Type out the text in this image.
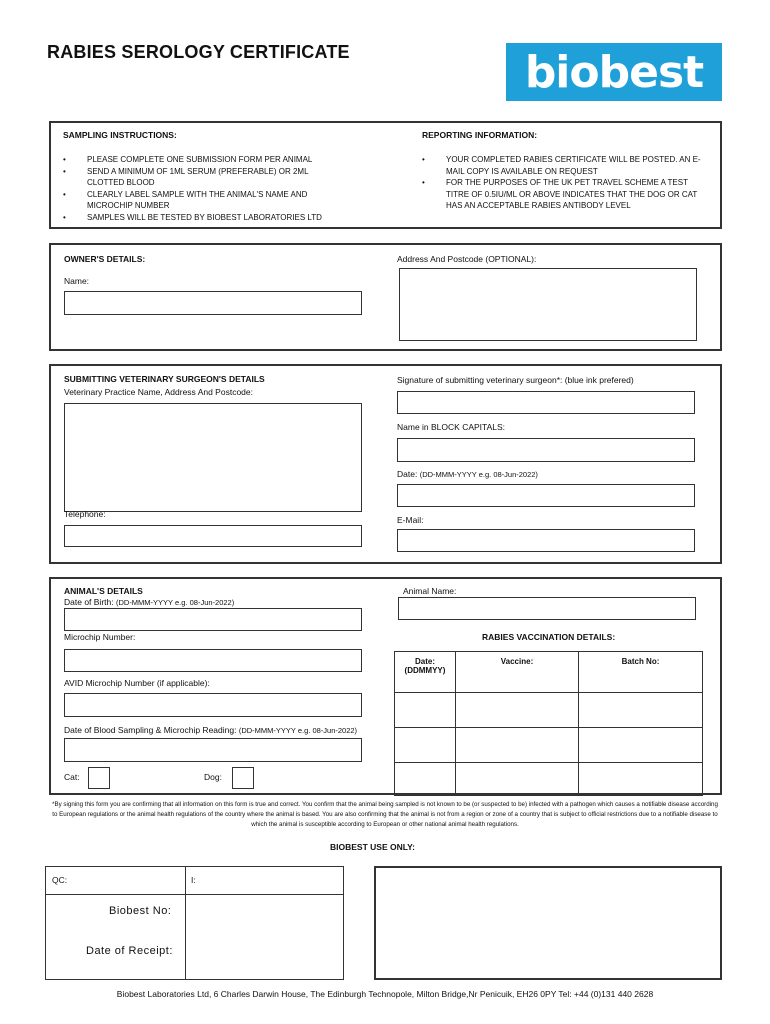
RABIES SEROLOGY CERTIFICATE	biobest
SAMPLING INSTRUCTIONS:
• PLEASE COMPLETE ONE SUBMISSION FORM PER ANIMAL
• SEND A MINIMUM OF 1ML SERUM (PREFERABLE) OR 2ML CLOTTED BLOOD
• CLEARLY LABEL SAMPLE WITH THE ANIMAL'S NAME AND MICROCHIP NUMBER
• SAMPLES WILL BE TESTED BY BIOBEST LABORATORIES LTD
REPORTING INFORMATION:
• YOUR COMPLETED RABIES CERTIFICATE WILL BE POSTED. AN E-MAIL COPY IS AVAILABLE ON REQUEST
• FOR THE PURPOSES OF THE UK PET TRAVEL SCHEME A TEST TITRE OF 0.5IU/ML OR ABOVE INDICATES THAT THE DOG OR CAT HAS AN ACCEPTABLE RABIES ANTIBODY LEVEL
OWNER'S DETAILS:
Name:
Address And Postcode (OPTIONAL):
SUBMITTING VETERINARY SURGEON'S DETAILS
Veterinary Practice Name, Address And Postcode:
Telephone:
Signature of submitting veterinary surgeon*: (blue ink prefered)
Name in BLOCK CAPITALS:
Date: (DD-MMM-YYYY e.g. 08-Jun-2022)
E-Mail:
ANIMAL'S DETAILS
Date of Birth: (DD-MMM-YYYY e.g. 08-Jun-2022)
Microchip Number:
AVID Microchip Number (if applicable):
Date of Blood Sampling & Microchip Reading: (DD-MMM-YYYY e.g. 08-Jun-2022)
Cat:	Dog:
Animal Name:
RABIES VACCINATION DETAILS:
Date:
(DDMMYY)	Vaccine:	Batch No:

*By signing this form you are confirming that all information on this form is true and correct. You confirm that the animal being sampled is not known to be (or suspected to be) infected with a pathogen which causes a notifiable disease according to European regulations or the animal health regulations of the country where the animal is based. You are also confirming that the animal is not from a region or zone of a country that is subject to official restrictions due to a notifiable disease to which the animal is susceptible according to European or other national animal health regulations.
BIOBEST USE ONLY:
QC:	I:
Biobest No:
Date of Receipt:
Biobest Laboratories Ltd, 6 Charles Darwin House, The Edinburgh Technopole, Milton Bridge,Nr Penicuik, EH26 0PY Tel: +44 (0)131 440 2628
